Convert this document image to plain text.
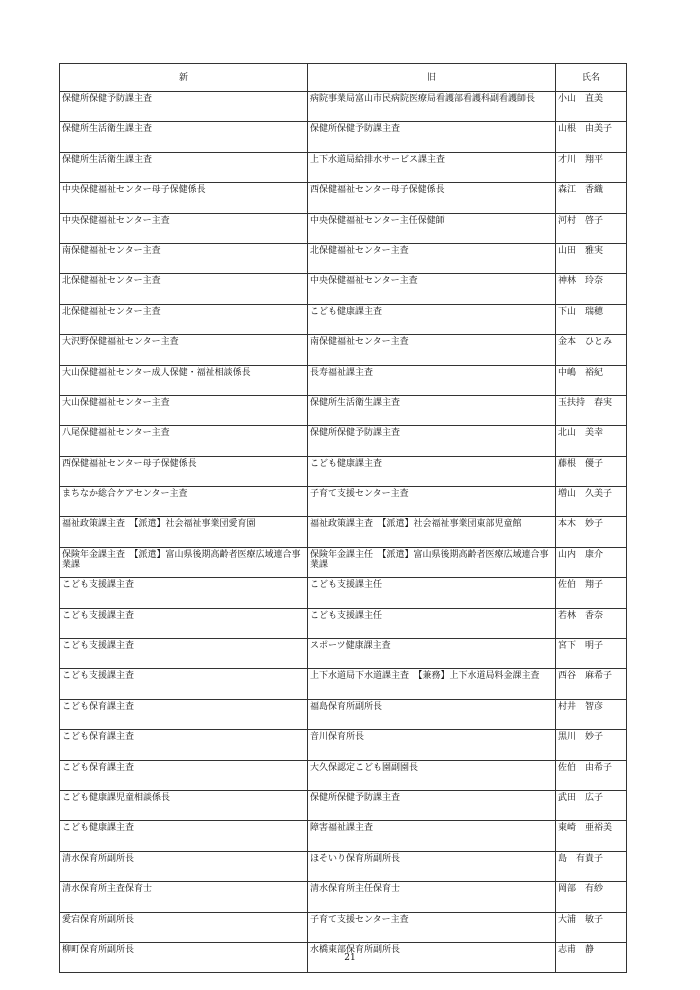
新	旧	氏名
保健所保健予防課主査	病院事業局富山市民病院医療局看護部看護科副看護師長	小山　直美
保健所生活衛生課主査	保健所保健予防課主査	山根　由美子
保健所生活衛生課主査	上下水道局給排水サービス課主査	才川　翔平
中央保健福祉センター母子保健係長	西保健福祉センター母子保健係長	森江　香織
中央保健福祉センター主査	中央保健福祉センター主任保健師	河村　啓子
南保健福祉センター主査	北保健福祉センター主査	山田　雅実
北保健福祉センター主査	中央保健福祉センター主査	神林　玲奈
北保健福祉センター主査	こども健康課主査	下山　瑞穂
大沢野保健福祉センター主査	南保健福祉センター主査	金本　ひとみ
大山保健福祉センター成人保健・福祉相談係長	長寿福祉課主査	中嶋　裕紀
大山保健福祉センター主査	保健所生活衛生課主査	玉扶持　春実
八尾保健福祉センター主査	保健所保健予防課主査	北山　美幸
西保健福祉センター母子保健係長	こども健康課主査	藤根　優子
まちなか総合ケアセンター主査	子育て支援センター主査	増山　久美子
福祉政策課主査　【派遣】社会福祉事業団愛育園	福祉政策課主査　【派遣】社会福祉事業団東部児童館	本木　妙子
保険年金課主査　【派遣】富山県後期高齢者医療広域連合事業課	保険年金課主任　【派遣】富山県後期高齢者医療広域連合事業課	山内　康介
こども支援課主査	こども支援課主任	佐伯　翔子
こども支援課主査	こども支援課主任	若林　香奈
こども支援課主査	スポーツ健康課主査	宮下　明子
こども支援課主査	上下水道局下水道課主査　【兼務】上下水道局料金課主査	西谷　麻希子
こども保育課主査	福島保育所副所長	村井　智彦
こども保育課主査	音川保育所長	黒川　妙子
こども保育課主査	大久保認定こども園副園長	佐伯　由希子
こども健康課児童相談係長	保健所保健予防課主査	武田　広子
こども健康課主査	障害福祉課主査	東崎　亜裕美
清水保育所副所長	ほそいり保育所副所長	島　有貴子
清水保育所主査保育士	清水保育所主任保育士	岡部　有紗
愛宕保育所副所長	子育て支援センター主査	大浦　敏子
柳町保育所副所長	水橋東部保育所副所長	志甫　静
21
